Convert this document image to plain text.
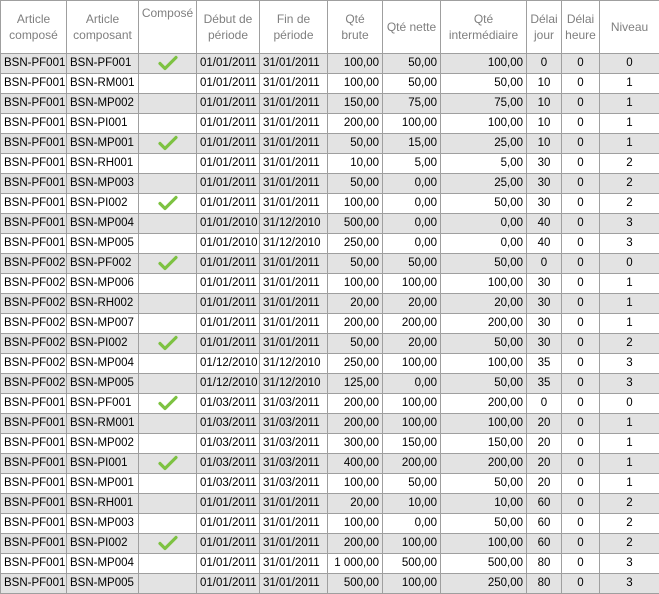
Article composé	Article composant	Composé	Début de période	Fin de période	Qté brute	Qté nette	Qté intermédiaire	Délai jour	Délai heure	Niveau
BSN-PF001	BSN-PF001		01/01/2011	31/01/2011	100,00	50,00	100,00	0	0	0
BSN-PF001	BSN-RM001		01/01/2011	31/01/2011	100,00	50,00	50,00	10	0	1
BSN-PF001	BSN-MP002		01/01/2011	31/01/2011	150,00	75,00	75,00	10	0	1
BSN-PF001	BSN-PI001		01/01/2011	31/01/2011	200,00	100,00	100,00	10	0	1
BSN-PF001	BSN-MP001		01/01/2011	31/01/2011	50,00	15,00	25,00	10	0	1
BSN-PF001	BSN-RH001		01/01/2011	31/01/2011	10,00	5,00	5,00	30	0	2
BSN-PF001	BSN-MP003		01/01/2011	31/01/2011	50,00	0,00	25,00	30	0	2
BSN-PF001	BSN-PI002		01/01/2011	31/01/2011	100,00	0,00	50,00	30	0	2
BSN-PF001	BSN-MP004		01/01/2010	31/12/2010	500,00	0,00	0,00	40	0	3
BSN-PF001	BSN-MP005		01/01/2010	31/12/2010	250,00	0,00	0,00	40	0	3
BSN-PF002	BSN-PF002		01/01/2011	31/01/2011	50,00	50,00	50,00	0	0	0
BSN-PF002	BSN-MP006		01/01/2011	31/01/2011	100,00	100,00	100,00	30	0	1
BSN-PF002	BSN-RH002		01/01/2011	31/01/2011	20,00	20,00	20,00	30	0	1
BSN-PF002	BSN-MP007		01/01/2011	31/01/2011	200,00	200,00	200,00	30	0	1
BSN-PF002	BSN-PI002		01/01/2011	31/01/2011	50,00	20,00	50,00	30	0	2
BSN-PF002	BSN-MP004		01/12/2010	31/12/2010	250,00	100,00	100,00	35	0	3
BSN-PF002	BSN-MP005		01/12/2010	31/12/2010	125,00	0,00	50,00	35	0	3
BSN-PF001	BSN-PF001		01/03/2011	31/03/2011	200,00	100,00	200,00	0	0	0
BSN-PF001	BSN-RM001		01/03/2011	31/03/2011	200,00	100,00	100,00	20	0	1
BSN-PF001	BSN-MP002		01/03/2011	31/03/2011	300,00	150,00	150,00	20	0	1
BSN-PF001	BSN-PI001		01/03/2011	31/03/2011	400,00	200,00	200,00	20	0	1
BSN-PF001	BSN-MP001		01/03/2011	31/03/2011	100,00	50,00	50,00	20	0	1
BSN-PF001	BSN-RH001		01/01/2011	31/01/2011	20,00	10,00	10,00	60	0	2
BSN-PF001	BSN-MP003		01/01/2011	31/01/2011	100,00	0,00	50,00	60	0	2
BSN-PF001	BSN-PI002		01/01/2011	31/01/2011	200,00	100,00	100,00	60	0	2
BSN-PF001	BSN-MP004		01/01/2011	31/01/2011	1 000,00	500,00	500,00	80	0	3
BSN-PF001	BSN-MP005		01/01/2011	31/01/2011	500,00	100,00	250,00	80	0	3
